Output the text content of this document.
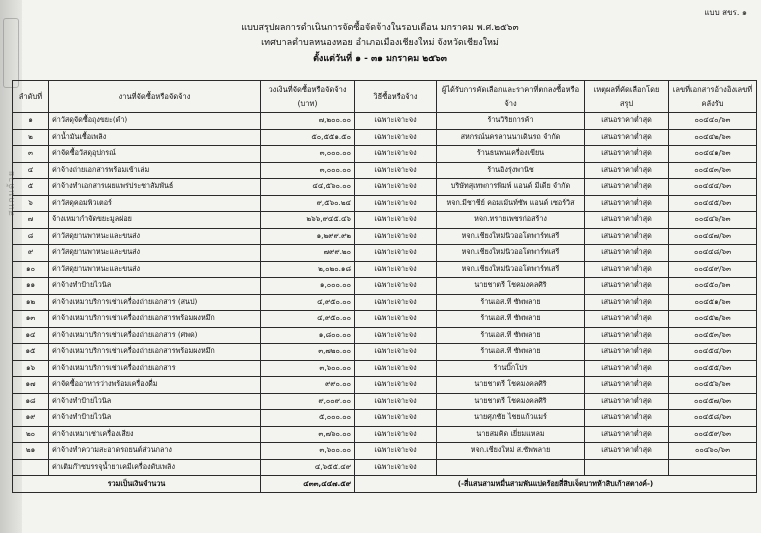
สแกนด้วย
แบบ สขร. ๑
แบบสรุปผลการดำเนินการจัดซื้อจัดจ้างในรอบเดือน มกราคม พ.ศ.๒๕๖๓
เทศบาลตำบลหนองหอย อำเภอเมืองเชียงใหม่ จังหวัดเชียงใหม่
ตั้งแต่วันที่ ๑ - ๓๑ มกราคม ๒๕๖๓
ลำดับที่	งานที่จัดซื้อหรือจัดจ้าง	วงเงินที่จัดซื้อหรือจัดจ้าง (บาท)	วิธีซื้อหรือจ้าง	ผู้ได้รับการคัดเลือกและราคาที่ตกลงซื้อหรือจ้าง	เหตุผลที่คัดเลือกโดยสรุป	เลขที่เอกสารอ้างอิงเลขที่คลังรับ
๑	ค่าวัสดุจัดซื้อถุงขยะ(ดำ)	๗,๒๐๐.๐๐	เฉพาะเจาะจง	ร้านวิริยการค้า	เสนอราคาต่ำสุด	๐๐๔๔๐/๖๓
๒	ค่าน้ำมันเชื้อเพลิง	๕๐,๕๕๑.๕๐	เฉพาะเจาะจง	สหกรณ์นครลานนาเดินรถ จำกัด	เสนอราคาต่ำสุด	๐๐๔๔๒/๖๓
๓	ค่าจัดซื้อวัสดุอุปกรณ์	๓,๐๐๐.๐๐	เฉพาะเจาะจง	ร้านธนพนเครื่องเขียน	เสนอราคาต่ำสุด	๐๐๔๔๑/๖๓
๔	ค่าจ้างถ่ายเอกสารพร้อมเข้าเล่ม	๓,๐๐๐.๐๐	เฉพาะเจาะจง	ร้านอิงรุ่งพานิช	เสนอราคาต่ำสุด	๐๐๔๔๓/๖๓
๕	ค่าจ้างทำเอกสารเผยแพร่ประชาสัมพันธ์	๔๔,๕๖๐.๐๐	เฉพาะเจาะจง	บริษัทสุเทพการพิมพ์ แอนด์ มีเดีย จำกัด	เสนอราคาต่ำสุด	๐๐๔๔๔/๖๓
๖	ค่าวัสดุคอมพิวเตอร์	๙,๕๖๐.๒๔	เฉพาะเจาะจง	หจก.มีชาชีย์ คอมเม้นท์ซัพ แอนด์ เซอร์วิส	เสนอราคาต่ำสุด	๐๐๔๔๕/๖๓
๗	จ้างเหมากำจัดขยะมูลฝอย	๒๖๖,๙๔๕.๔๖	เฉพาะเจาะจง	หจก.ทรายเพชรก่อสร้าง	เสนอราคาต่ำสุด	๐๐๔๔๖/๖๓
๘	ค่าวัสดุยานพาหนะและขนส่ง	๑,๒๙๙.๙๒	เฉพาะเจาะจง	หจก.เชียงใหม่นิวออโตพาร์ทเสรี	เสนอราคาต่ำสุด	๐๐๔๔๗/๖๓
๙	ค่าวัสดุยานพาหนะและขนส่ง	๗๙๙.๒๐	เฉพาะเจาะจง	หจก.เชียงใหม่นิวออโตพาร์ทเสรี	เสนอราคาต่ำสุด	๐๐๔๔๘/๖๓
๑๐	ค่าวัสดุยานพาหนะและขนส่ง	๒,๐๒๐.๑๘	เฉพาะเจาะจง	หจก.เชียงใหม่นิวออโตพาร์ทเสรี	เสนอราคาต่ำสุด	๐๐๔๔๙/๖๓
๑๑	ค่าจ้างทำป้ายไวนิล	๑,๐๐๐.๐๐	เฉพาะเจาะจง	นายชาตรี โชคมงคลศิริ	เสนอราคาต่ำสุด	๐๐๔๕๐/๖๓
๑๒	ค่าจ้างเหมาบริการเช่าเครื่องถ่ายเอกสาร (สนป)	๔,๙๕๐.๐๐	เฉพาะเจาะจง	ร้านเอส.ที ซัพพลาย	เสนอราคาต่ำสุด	๐๐๔๕๑/๖๓
๑๓	ค่าจ้างเหมาบริการเช่าเครื่องถ่ายเอกสารพร้อมผงหมึก	๔,๙๕๐.๐๐	เฉพาะเจาะจง	ร้านเอส.ที ซัพพลาย	เสนอราคาต่ำสุด	๐๐๔๕๒/๖๓
๑๔	ค่าจ้างเหมาบริการเช่าเครื่องถ่ายเอกสาร (ศพด)	๑,๘๐๐.๐๐	เฉพาะเจาะจง	ร้านเอส.ที ซัพพลาย	เสนอราคาต่ำสุด	๐๐๔๕๓/๖๓
๑๕	ค่าจ้างเหมาบริการเช่าเครื่องถ่ายเอกสารพร้อมผงหมึก	๓,๗๒๐.๐๐	เฉพาะเจาะจง	ร้านเอส.ที ซัพพลาย	เสนอราคาต่ำสุด	๐๐๔๕๔/๖๓
๑๖	ค่าจ้างเหมาบริการเช่าเครื่องถ่ายเอกสาร	๓,๖๐๐.๐๐	เฉพาะเจาะจง	ร้านบิ๊กโปร	เสนอราคาต่ำสุด	๐๐๔๕๕/๖๓
๑๗	ค่าจัดซื้ออาหารว่างพร้อมเครื่องดื่ม	๙๙๐.๐๐	เฉพาะเจาะจง	นายชาตรี โชคมงคลศิริ	เสนอราคาต่ำสุด	๐๐๔๕๖/๖๓
๑๘	ค่าจ้างทำป้ายไวนิล	๙,๐๐๙.๐๐	เฉพาะเจาะจง	นายชาตรี โชคมงคลศิริ	เสนอราคาต่ำสุด	๐๐๔๕๗/๖๓
๑๙	ค่าจ้างทำป้ายไวนิล	๕,๐๐๐.๐๐	เฉพาะเจาะจง	นายศุภชัย ไชยแก้วแมร์	เสนอราคาต่ำสุด	๐๐๔๕๘/๖๓
๒๐	ค่าจ้างเหมาเช่าเครื่องเสียง	๓,๗๖๐.๐๐	เฉพาะเจาะจง	นายสมคิด เยี่ยมแหลม	เสนอราคาต่ำสุด	๐๐๔๕๙/๖๓
๒๑	ค่าจ้างทำความสะอาดรถยนต์ส่วนกลาง	๓,๖๐๐.๐๐	เฉพาะเจาะจง	หจก.เชียงใหม่ ส.ซัพพลาย	เสนอราคาต่ำสุด	๐๐๔๖๐/๖๓
	ค่าเติมก๊าซบรรจุน้ำยาเคมีเครื่องดับเพลิง	๔,๖๕๕.๔๙	เฉพาะเจาะจง			
รวมเป็นเงินจำนวน		๔๓๓,๔๔๗.๕๙	(-สี่แสนสามหมื่นสามพันแปดร้อยสี่สิบเจ็ดบาทห้าสิบเก้าสตางค์-)			
